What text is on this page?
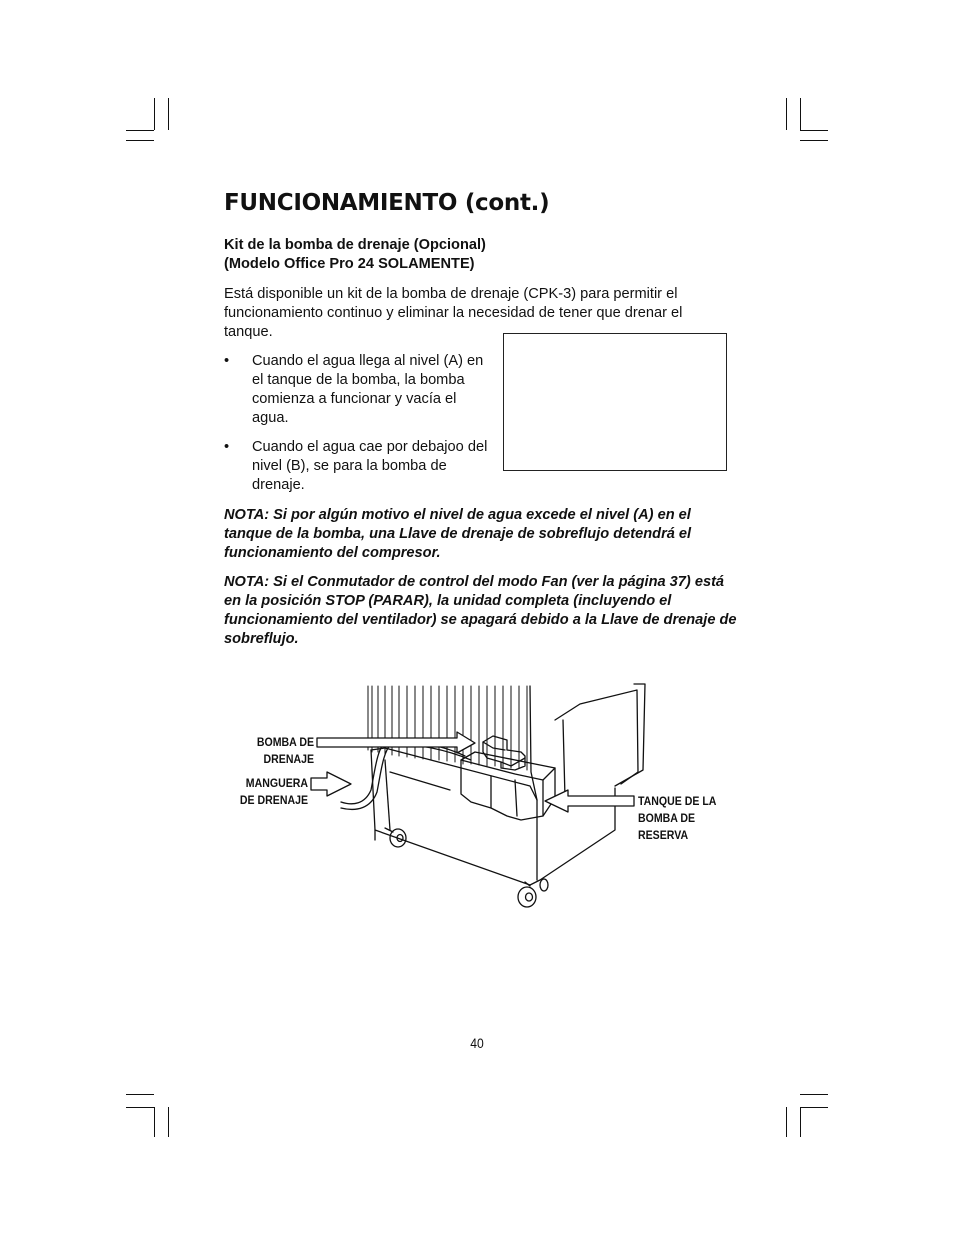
FUNCIONAMIENTO (cont.)

Kit de la bomba de drenaje (Opcional)
(Modelo Office Pro 24 SOLAMENTE)

Está disponible un kit de la bomba de drenaje (CPK-3) para permitir el funcionamiento continuo y eliminar la necesidad de tener que drenar el tanque.

• Cuando el agua llega al nivel (A) en el tanque de la bomba, la bomba comienza a funcionar y vacía el agua.
• Cuando el agua cae por debajoo del nivel (B), se para la bomba de drenaje.

NOTA: Si por algún motivo el nivel de agua excede el nivel (A) en el tanque de la bomba, una Llave de drenaje de sobreflujo detendrá el funcionamiento del compresor.

NOTA: Si el Conmutador de control del modo Fan (ver la página 37) está en la posición STOP (PARAR), la unidad completa (incluyendo el funcionamiento del ventilador) se apagará debido a la Llave de drenaje de sobreflujo.

BOMBA DE
DRENAJE
MANGUERA
DE DRENAJE	TANQUE DE LA
BOMBA DE
RESERVA
40
